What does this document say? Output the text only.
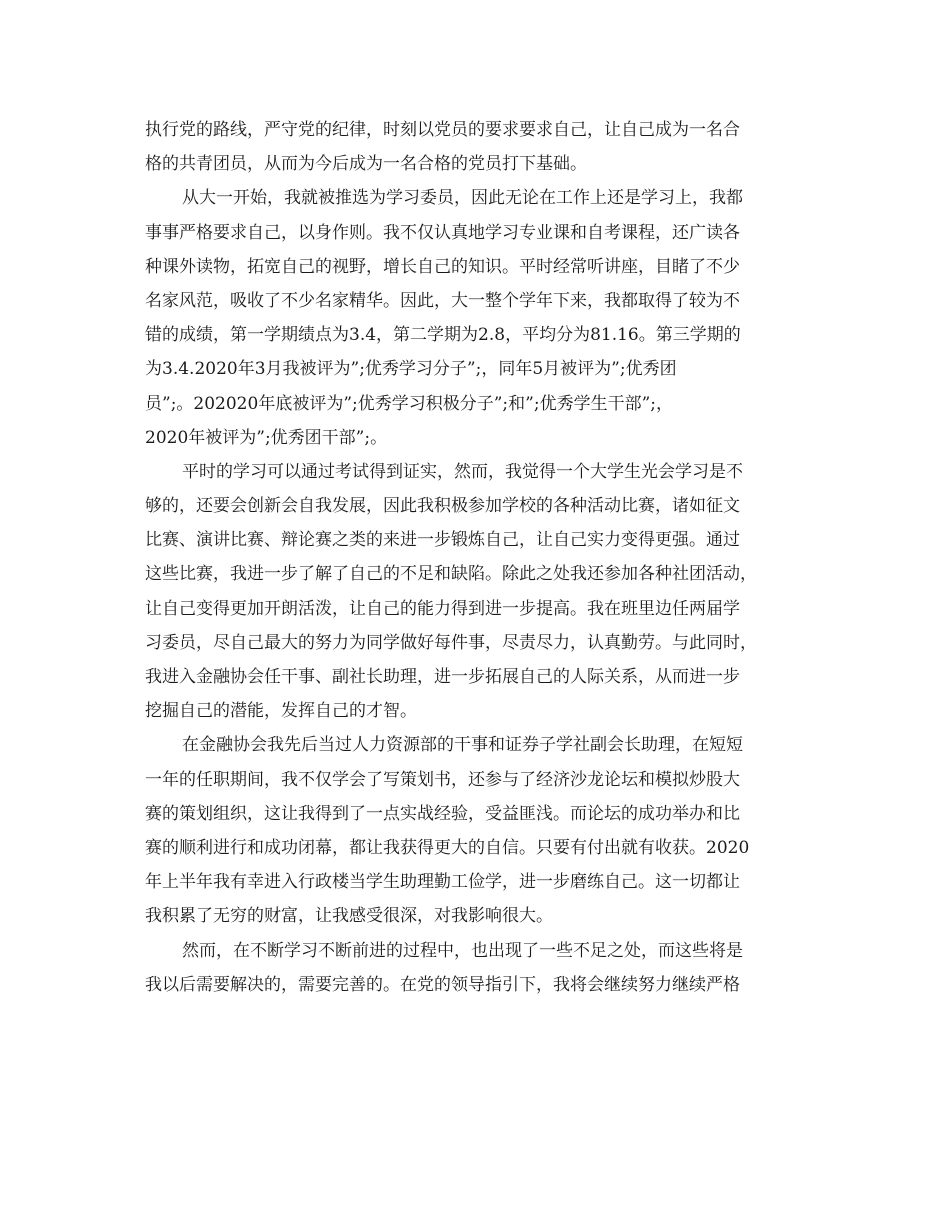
执行党的路线，严守党的纪律，时刻以党员的要求要求自己，让自己成为一名合
格的共青团员，从而为今后成为一名合格的党员打下基础。
从大一开始，我就被推选为学习委员，因此无论在工作上还是学习上，我都
事事严格要求自己，以身作则。我不仅认真地学习专业课和自考课程，还广读各
种课外读物，拓宽自己的视野，增长自己的知识。平时经常听讲座，目睹了不少
名家风范，吸收了不少名家精华。因此，大一整个学年下来，我都取得了较为不
错的成绩，第一学期绩点为3.4，第二学期为2.8，平均分为81.16。第三学期的
为3.4.2020年3月我被评为”;优秀学习分子”;，同年5月被评为”;优秀团
员”;。202020年底被评为”;优秀学习积极分子”;和”;优秀学生干部”;，
2020年被评为”;优秀团干部”;。
平时的学习可以通过考试得到证实，然而，我觉得一个大学生光会学习是不
够的，还要会创新会自我发展，因此我积极参加学校的各种活动比赛，诸如征文
比赛、演讲比赛、辩论赛之类的来进一步锻炼自己，让自己实力变得更强。通过
这些比赛，我进一步了解了自己的不足和缺陷。除此之处我还参加各种社团活动，
让自己变得更加开朗活泼，让自己的能力得到进一步提高。我在班里边任两届学
习委员，尽自己最大的努力为同学做好每件事，尽责尽力，认真勤劳。与此同时，
我进入金融协会任干事、副社长助理，进一步拓展自己的人际关系，从而进一步
挖掘自己的潜能，发挥自己的才智。
在金融协会我先后当过人力资源部的干事和证券子学社副会长助理，在短短
一年的任职期间，我不仅学会了写策划书，还参与了经济沙龙论坛和模拟炒股大
赛的策划组织，这让我得到了一点实战经验，受益匪浅。而论坛的成功举办和比
赛的顺利进行和成功闭幕，都让我获得更大的自信。只要有付出就有收获。2020
年上半年我有幸进入行政楼当学生助理勤工俭学，进一步磨练自己。这一切都让
我积累了无穷的财富，让我感受很深，对我影响很大。
然而，在不断学习不断前进的过程中，也出现了一些不足之处，而这些将是
我以后需要解决的，需要完善的。在党的领导指引下，我将会继续努力继续严格
